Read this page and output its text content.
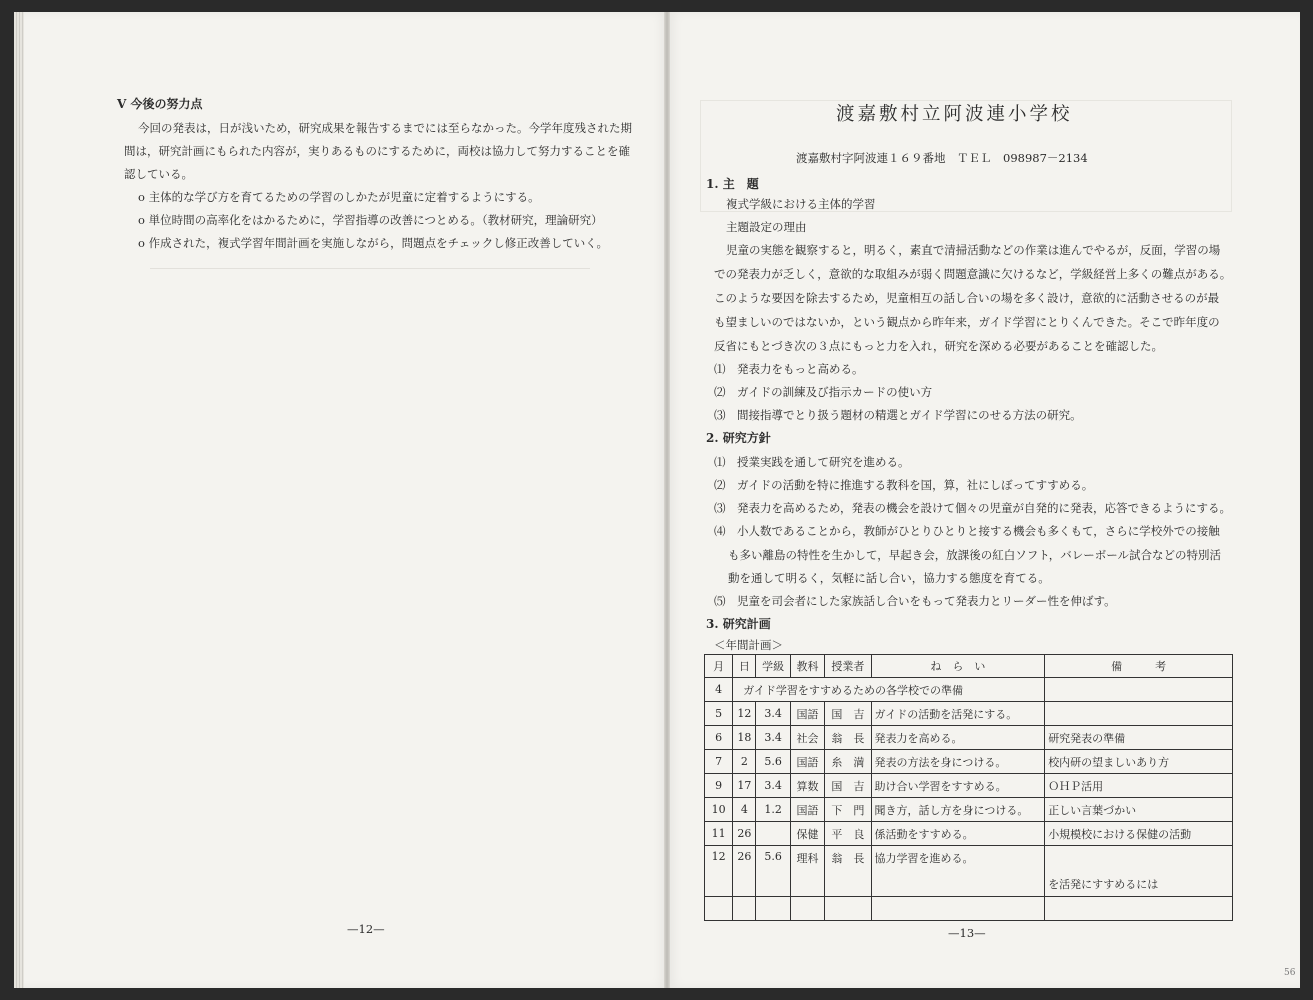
Ⅴ 今後の努力点
今回の発表は，日が浅いため，研究成果を報告するまでには至らなかった。今学年度残された期
間は，研究計画にもられた内容が，実りあるものにするために，両校は協力して努力することを確
認している。
o 主体的な学び方を育てるための学習のしかたが児童に定着するようにする。
o 単位時間の高率化をはかるために，学習指導の改善につとめる。（教材研究，理論研究）
o 作成された，複式学習年間計画を実施しながら，問題点をチェックし修正改善していく。
—12—
渡嘉敷村立阿波連小学校
渡嘉敷村字阿波連１６９番地　ＴＥＬ　098987－2134
1. 主　題
複式学級における主体的学習
主題設定の理由
児童の実態を観察すると，明るく，素直で清掃活動などの作業は進んでやるが，反面，学習の場
での発表力が乏しく，意欲的な取組みが弱く問題意識に欠けるなど，学級経営上多くの難点がある。
このような要因を除去するため，児童相互の話し合いの場を多く設け，意欲的に活動させるのが最
も望ましいのではないか，という観点から昨年来，ガイド学習にとりくんできた。そこで昨年度の
反省にもとづき次の３点にもっと力を入れ，研究を深める必要があることを確認した。
⑴　発表力をもっと高める。
⑵　ガイドの訓練及び指示カードの使い方
⑶　間接指導でとり扱う題材の精選とガイド学習にのせる方法の研究。
2. 研究方針
⑴　授業実践を通して研究を進める。
⑵　ガイドの活動を特に推進する教科を国，算，社にしぼってすすめる。
⑶　発表力を高めるため，発表の機会を設けて個々の児童が自発的に発表，応答できるようにする。
⑷　小人数であることから，教師がひとりひとりと接する機会も多くもて，さらに学校外での接触
も多い離島の特性を生かして，早起き会，放課後の紅白ソフト，バレーボール試合などの特別活
動を通して明るく，気軽に話し合い，協力する態度を育てる。
⑸　児童を司会者にした家族話し合いをもって発表力とリーダー性を伸ばす。
3. 研究計画
＜年間計画＞
月	日	学級	教科	授業者	ね　ら　い	備　　　考
4	ガイド学習をすすめるための各学校での準備					
5	12	3.4	国語	国　吉	ガイドの活動を活発にする。	
6	18	3.4	社会	翁　長	発表力を高める。	研究発表の準備
7	2	5.6	国語	糸　満	発表の方法を身につける。	校内研の望ましいあり方
9	17	3.4	算数	国　吉	助け合い学習をすすめる。	ＯＨＰ活用
10	4	1.2	国語	下　門	聞き方，話し方を身につける。	正しい言葉づかい
11	26		保健	平　良	係活動をすすめる。	小規模校における保健の活動
12	26	5.6	理科	翁　長	協力学習を進める。	を活発にすすめるには

—13—
56
